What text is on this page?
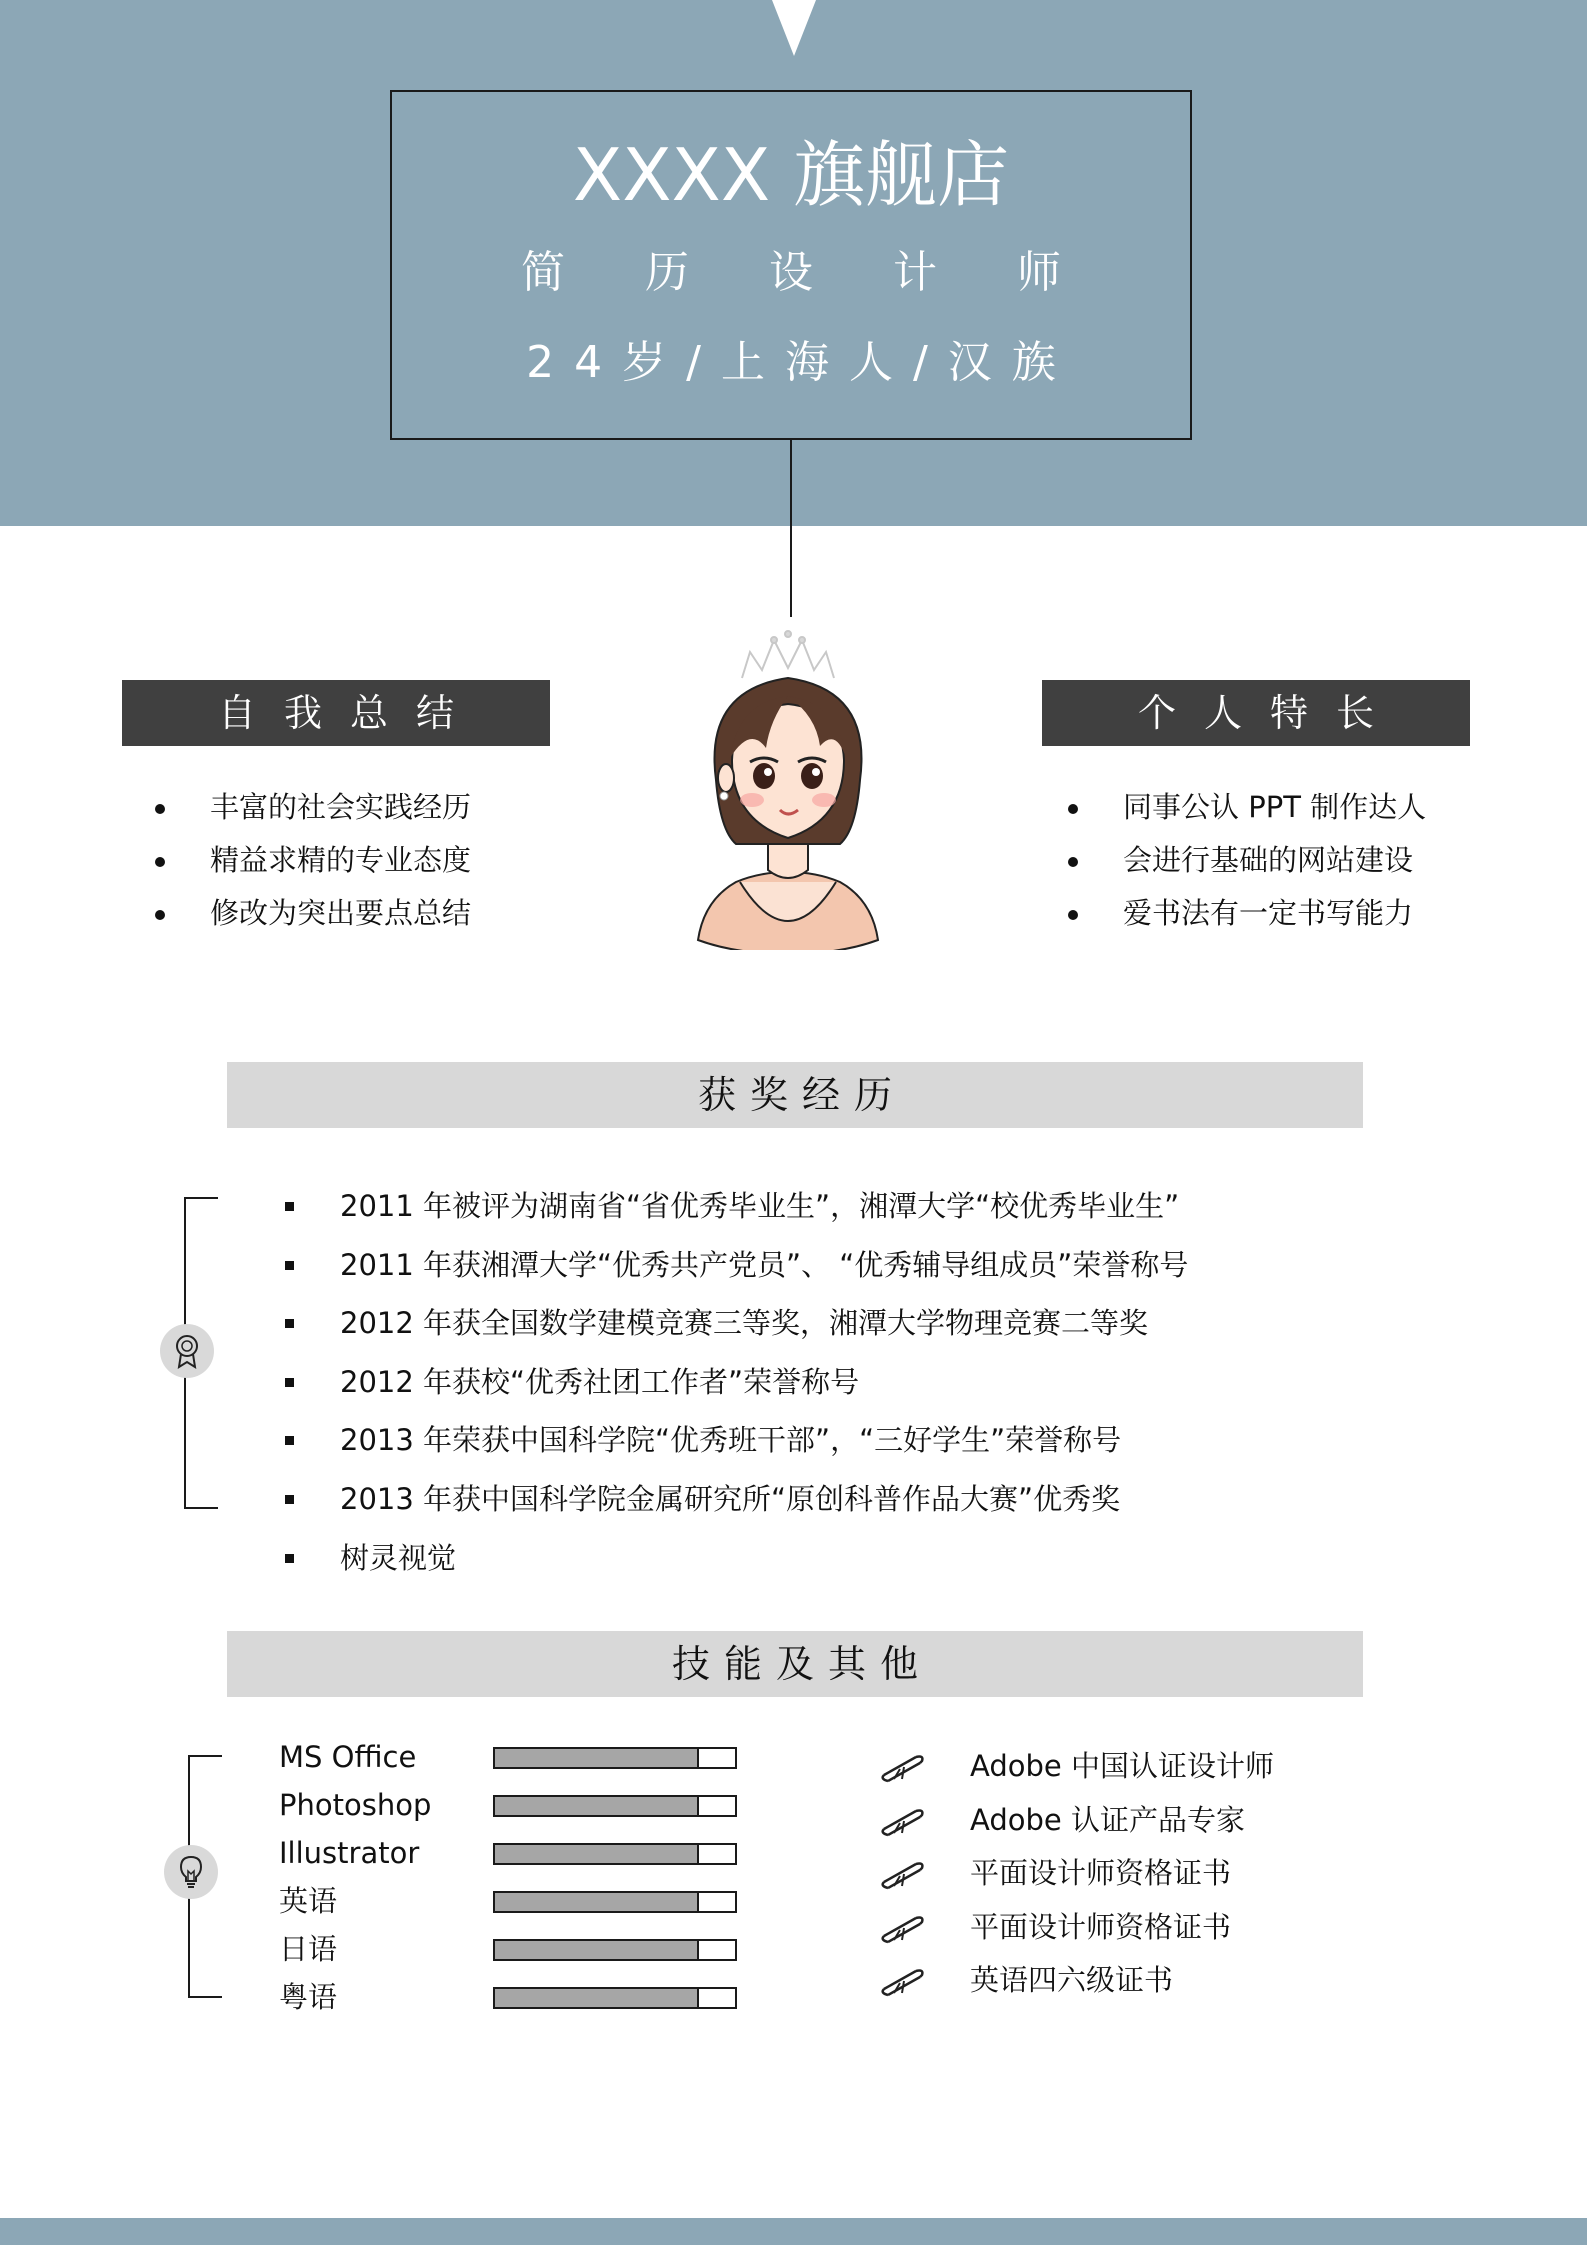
XXXX 旗舰店
简历设计师
24岁/上海人/汉族
自我总结
丰富的社会实践经历
精益求精的专业态度
修改为突出要点总结
个人特长
同事公认 PPT 制作达人
会进行基础的网站建设
爱书法有一定书写能力
获奖经历
2011 年被评为湖南省“省优秀毕业生”，湘潭大学“校优秀毕业生”
2011 年获湘潭大学“优秀共产党员”、 “优秀辅导组成员”荣誉称号
2012 年获全国数学建模竞赛三等奖，湘潭大学物理竞赛二等奖
2012 年获校“优秀社团工作者”荣誉称号
2013 年荣获中国科学院“优秀班干部”，“三好学生”荣誉称号
2013 年获中国科学院金属研究所“原创科普作品大赛”优秀奖
树灵视觉
技能及其他
MS Office
Photoshop
Illustrator
英语
日语
粤语
Adobe 中国认证设计师
Adobe 认证产品专家
平面设计师资格证书
平面设计师资格证书
英语四六级证书
